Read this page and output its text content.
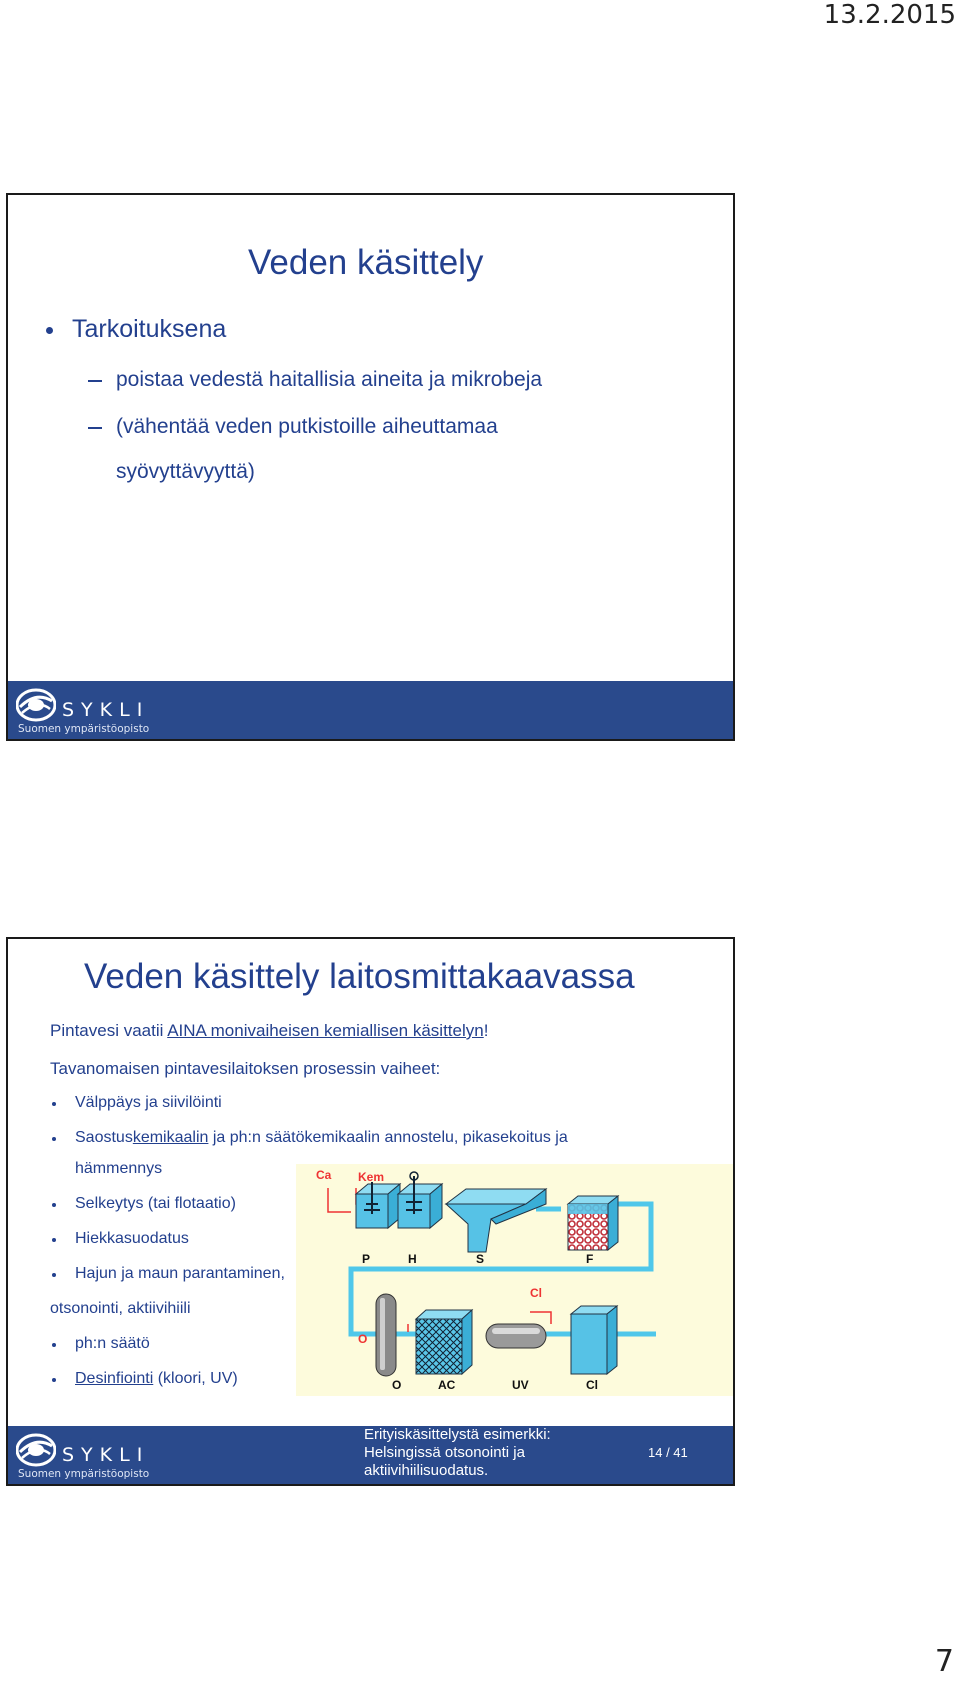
13.2.2015
Veden käsittely
Tarkoituksena
poistaa vedestä haitallisia aineita ja mikrobeja
(vähentää veden putkistoille aiheuttamaa
syövyttävyyttä)
SYKLI
Suomen ympäristöopisto
Veden käsittely laitosmittakaavassa
Pintavesi vaatii AINA monivaiheisen kemiallisen käsittelyn!
Tavanomaisen pintavesilaitoksen prosessin vaiheet:
Välppäys ja siivilöinti
Saostuskemikaalin ja ph:n säätökemikaalin annostelu, pikasekoitus ja
hämmennys
Selkeytys (tai flotaatio)
Hiekkasuodatus
Hajun ja maun parantaminen,
otsonointi, aktiivihiili
ph:n säätö
Desinfiointi (kloori, UV)
Ca Kem
P	H	S	F
Cl
O
O	AC	UV	Cl
SYKLI
Suomen ympäristöopisto
Erityiskäsittelystä esimerkki:
Helsingissä otsonointi ja
aktiivihiilisuodatus.
14 / 41
7
